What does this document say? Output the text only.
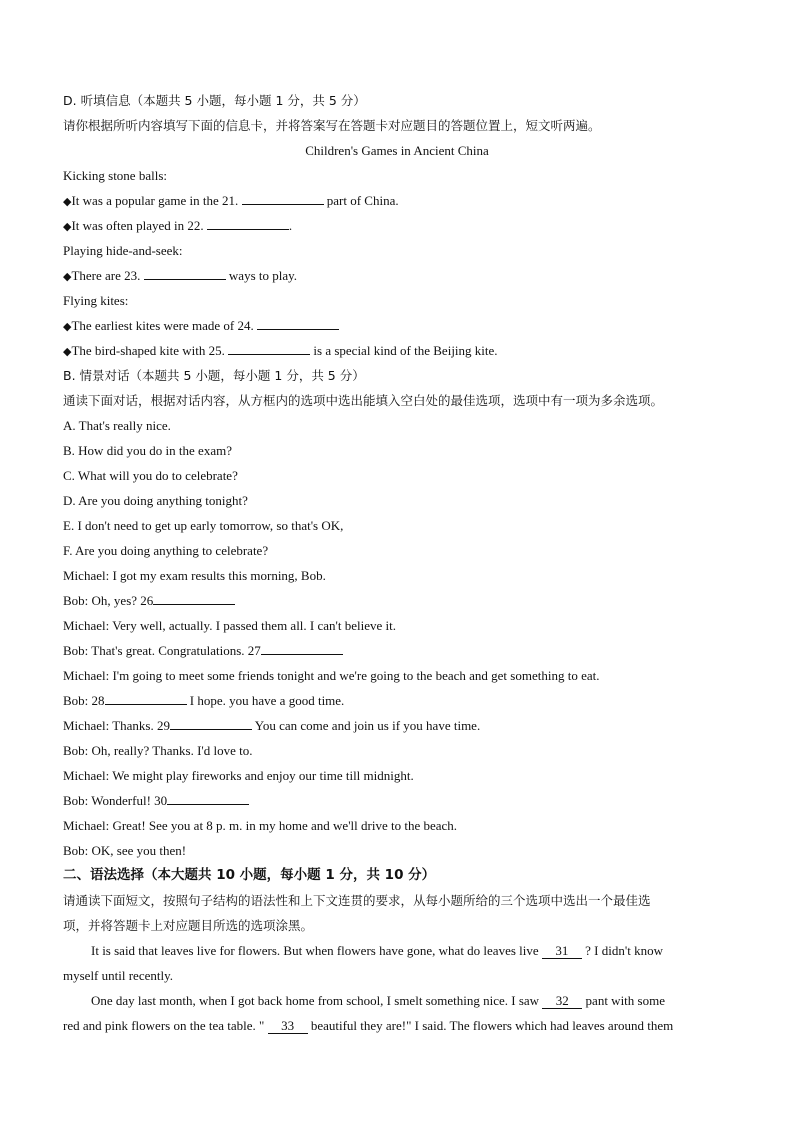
D. 听填信息（本题共 5 小题，每小题 1 分，共 5 分）
请你根据所听内容填写下面的信息卡，并将答案写在答题卡对应题目的答题位置上，短文听两遍。
Children's Games in Ancient China
Kicking stone balls:
◆It was a popular game in the 21.	part of China.
◆It was often played in 22.	.
Playing hide-and-seek:
◆There are 23.	ways to play.
Flying kites:
◆The earliest kites were made of 24.
◆The bird-shaped kite with 25.	is a special kind of the Beijing kite.
B. 情景对话（本题共 5 小题，每小题 1 分，共 5 分）
通读下面对话，根据对话内容，从方框内的选项中选出能填入空白处的最佳选项，选项中有一项为多余选项。
A. That's really nice.
B. How did you do in the exam?
C. What will you do to celebrate?
D. Are you doing anything tonight?
E. I don't need to get up early tomorrow, so that's OK,
F. Are you doing anything to celebrate?
Michael: I got my exam results this morning, Bob.
Bob: Oh, yes? 26
Michael: Very well, actually. I passed them all. I can't believe it.
Bob: That's great. Congratulations. 27
Michael: I'm going to meet some friends tonight and we're going to the beach and get something to eat.
Bob: 28	I hope. you have a good time.
Michael: Thanks. 29	You can come and join us if you have time.
Bob: Oh, really? Thanks. I'd love to.
Michael: We might play fireworks and enjoy our time till midnight.
Bob: Wonderful! 30
Michael: Great! See you at 8 p. m. in my home and we'll drive to the beach.
Bob: OK, see you then!
二、语法选择（本大题共 10 小题，每小题 1 分，共 10 分）
请通读下面短文，按照句子结构的语法性和上下文连贯的要求，从每小题所给的三个选项中选出一个最佳选
项，并将答题卡上对应题目所选的选项涂黑。
It is said that leaves live for flowers. But when flowers have gone, what do leaves live 31 ? I didn't know
myself until recently.
One day last month, when I got back home from school, I smelt something nice. I saw 32 pant with some
red and pink flowers on the tea table. " 33 beautiful they are!" I said. The flowers which had leaves around them
